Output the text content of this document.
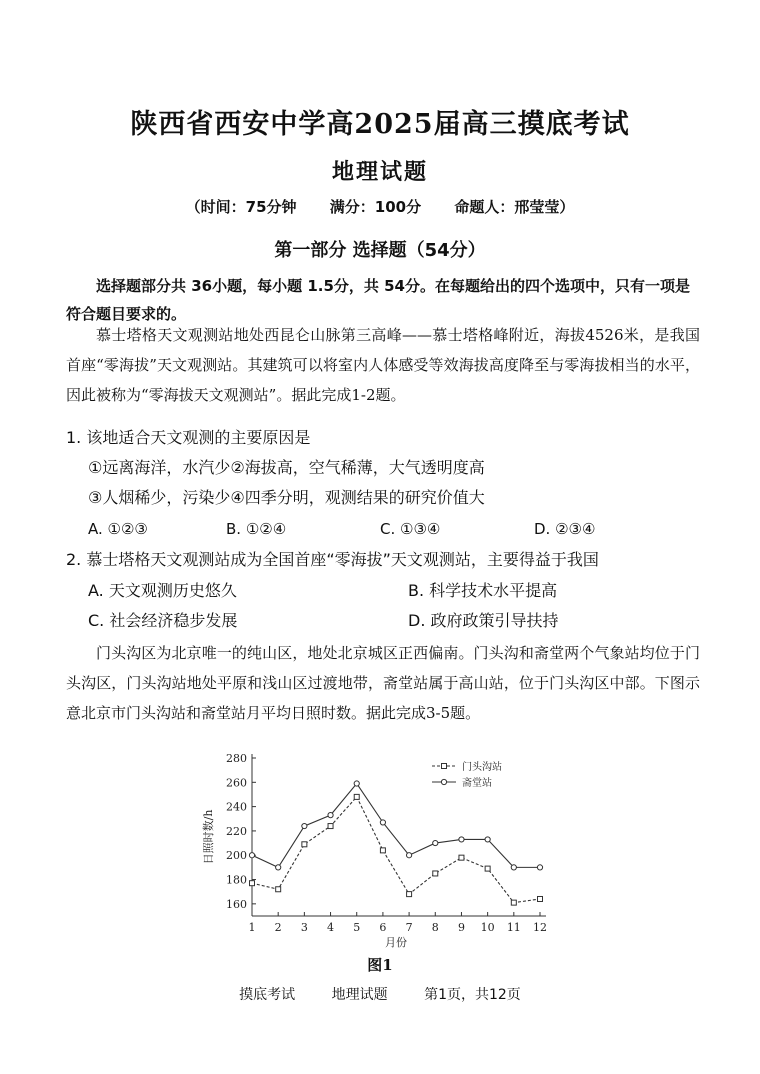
陕西省西安中学高2025届高三摸底考试
地理试题
（时间：75分钟 满分：100分 命题人：邢莹莹）
第一部分 选择题（54分）
选择题部分共 36小题，每小题 1.5分，共 54分。在每题给出的四个选项中，只有一项是符合题目要求的。
慕士塔格天文观测站地处西昆仑山脉第三高峰——慕士塔格峰附近，海拔4526米，是我国首座“零海拔”天文观测站。其建筑可以将室内人体感受等效海拔高度降至与零海拔相当的水平，因此被称为“零海拔天文观测站”。据此完成1-2题。
1. 该地适合天文观测的主要原因是
①远离海洋，水汽少②海拔高，空气稀薄，大气透明度高
③人烟稀少，污染少④四季分明，观测结果的研究价值大
A. ①②③	B. ①②④	C. ①③④	D. ②③④
2. 慕士塔格天文观测站成为全国首座“零海拔”天文观测站，主要得益于我国
A. 天文观测历史悠久	B. 科学技术水平提高
C. 社会经济稳步发展	D. 政府政策引导扶持
门头沟区为北京唯一的纯山区，地处北京城区正西偏南。门头沟和斋堂两个气象站均位于门头沟区，门头沟站地处平原和浅山区过渡地带，斋堂站属于高山站，位于门头沟区中部。下图示意北京市门头沟站和斋堂站月平均日照时数。据此完成3-5题。
160
180
200
220
240
260
280
1 2 3 4 5 6 7 8 9 10 11 12
月份
日照时数/h
门头沟站
斋堂站
图1
摸底考试	地理试题	第1页，共12页
